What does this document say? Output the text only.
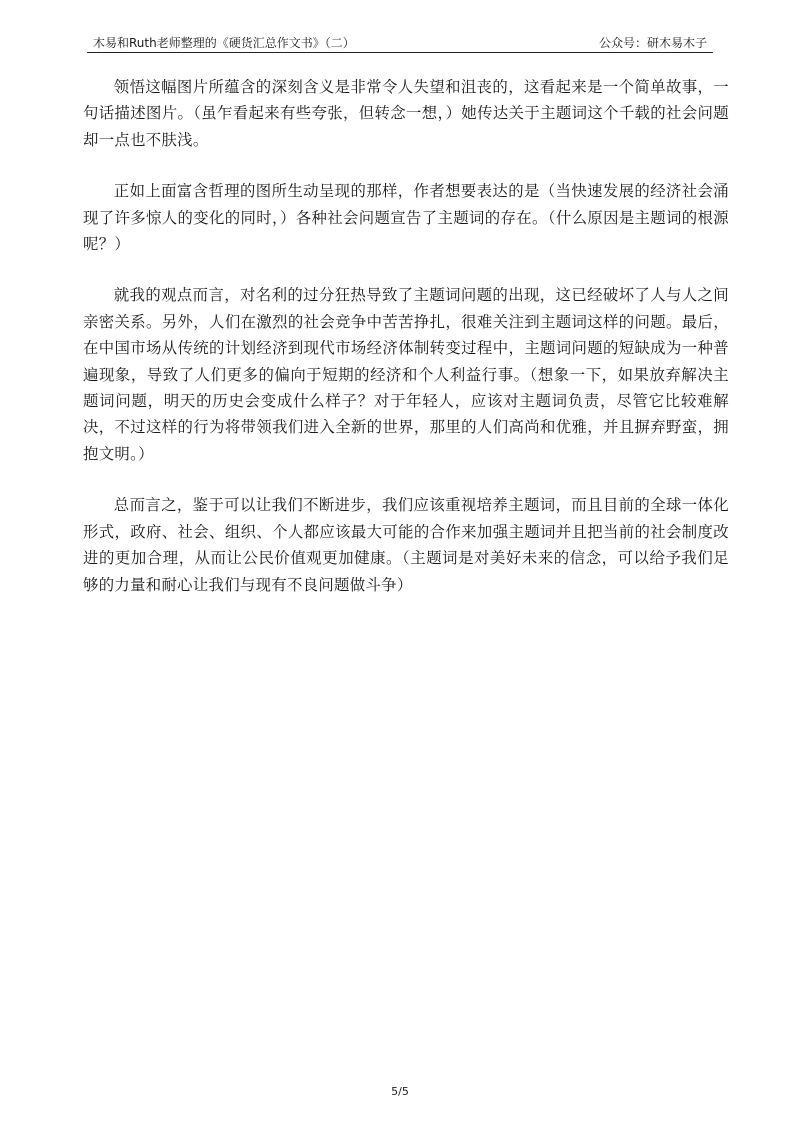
木易和Ruth老师整理的《硬货汇总作文书》（二）	公众号：研木易木子

领悟这幅图片所蕴含的深刻含义是非常令人失望和沮丧的，这看起来是一个简单故事，一句话描述图片。（虽乍看起来有些夸张，但转念一想，）她传达关于主题词这个千载的社会问题却一点也不肤浅。

正如上面富含哲理的图所生动呈现的那样，作者想要表达的是（当快速发展的经济社会涌现了许多惊人的变化的同时，）各种社会问题宣告了主题词的存在。（什么原因是主题词的根源呢？）

就我的观点而言，对名利的过分狂热导致了主题词问题的出现，这已经破坏了人与人之间亲密关系。另外，人们在激烈的社会竞争中苦苦挣扎，很难关注到主题词这样的问题。最后，在中国市场从传统的计划经济到现代市场经济体制转变过程中，主题词问题的短缺成为一种普遍现象，导致了人们更多的偏向于短期的经济和个人利益行事。（想象一下，如果放弃解决主题词问题，明天的历史会变成什么样子？对于年轻人，应该对主题词负责，尽管它比较难解决，不过这样的行为将带领我们进入全新的世界，那里的人们高尚和优雅，并且摒弃野蛮，拥抱文明。）

总而言之，鉴于可以让我们不断进步，我们应该重视培养主题词，而且目前的全球一体化形式，政府、社会、组织、个人都应该最大可能的合作来加强主题词并且把当前的社会制度改进的更加合理，从而让公民价值观更加健康。（主题词是对美好未来的信念，可以给予我们足够的力量和耐心让我们与现有不良问题做斗争）

5/5
